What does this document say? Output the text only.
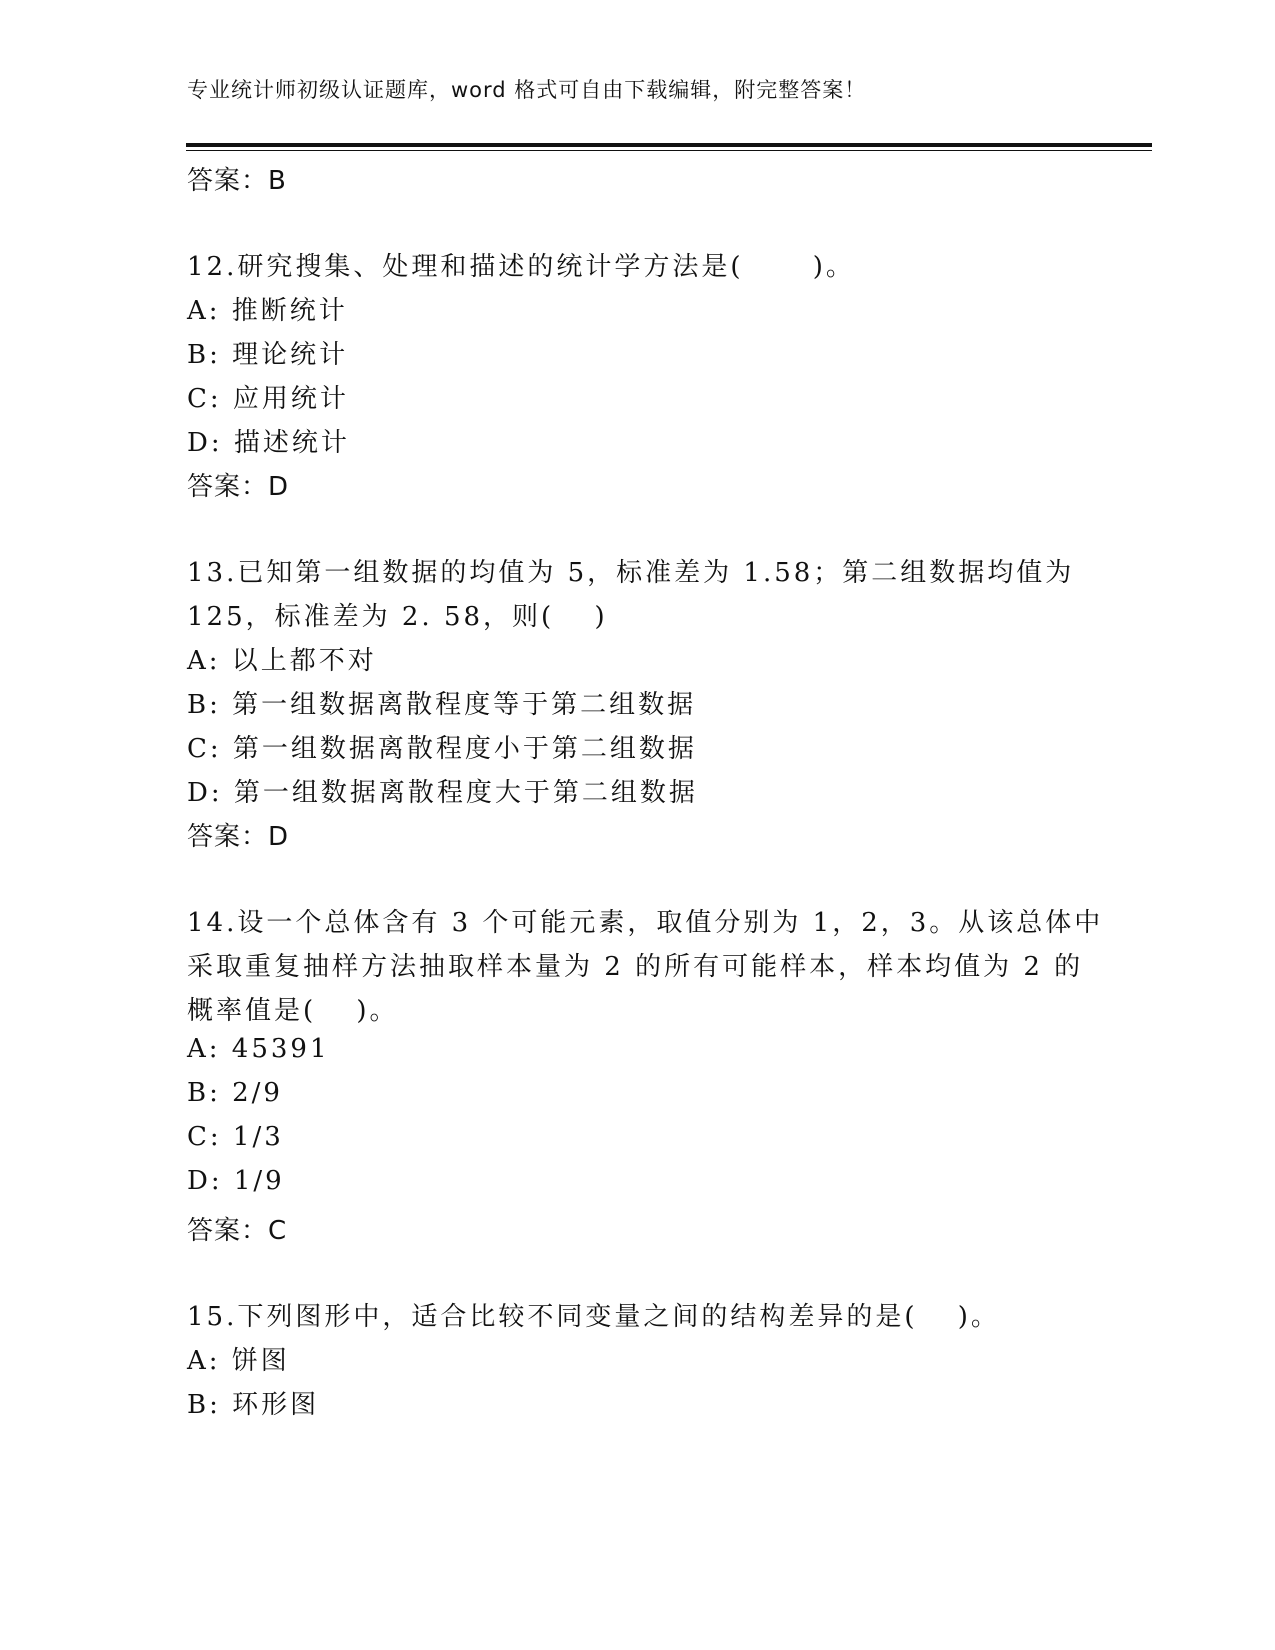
专业统计师初级认证题库，word 格式可自由下载编辑，附完整答案！
答案：B
12.研究搜集、处理和描述的统计学方法是(　　 )。
A: 推断统计
B: 理论统计
C: 应用统计
D: 描述统计
答案：D
13.已知第一组数据的均值为 5，标准差为 1.58；第二组数据均值为
125，标准差为 2. 58，则(　 )
A: 以上都不对
B: 第一组数据离散程度等于第二组数据
C: 第一组数据离散程度小于第二组数据
D: 第一组数据离散程度大于第二组数据
答案：D
14.设一个总体含有 3 个可能元素，取值分别为 1，2，3。从该总体中
采取重复抽样方法抽取样本量为 2 的所有可能样本，样本均值为 2 的
概率值是(　 )。
A: 45391
B: 2/9
C: 1/3
D: 1/9
答案：C
15.下列图形中，适合比较不同变量之间的结构差异的是(　 )。
A: 饼图
B: 环形图
